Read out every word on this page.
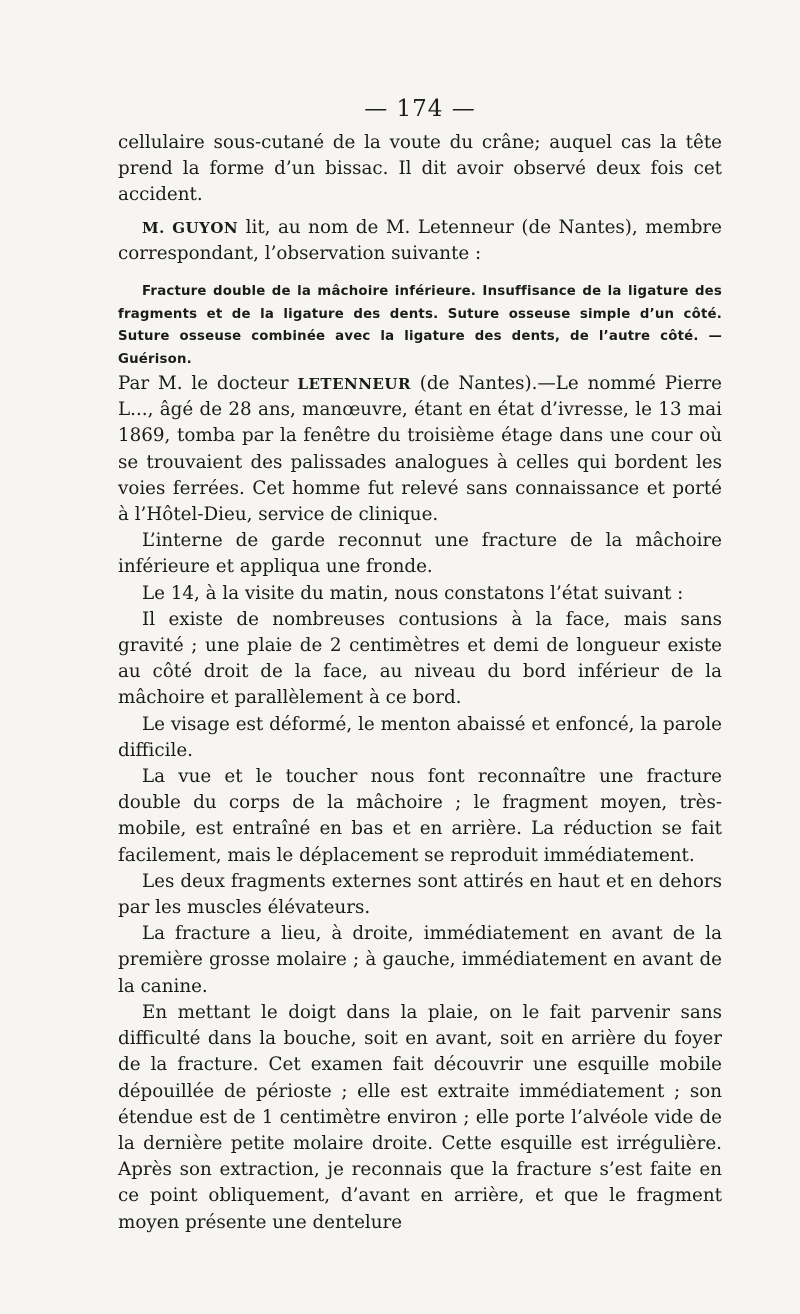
— 174 —

cellulaire sous-cutané de la voute du crâne; auquel cas la tête prend la forme d’un bissac. Il dit avoir observé deux fois cet accident.

M. GUYON lit, au nom de M. Letenneur (de Nantes), membre correspondant, l’observation suivante :

Fracture double de la mâchoire inférieure. Insuffisance de la ligature des fragments et de la ligature des dents. Suture osseuse simple d’un côté. Suture osseuse combinée avec la ligature des dents, de l’autre côté. — Guérison.

Par M. le docteur LETENNEUR (de Nantes).—Le nommé Pierre L..., âgé de 28 ans, manœuvre, étant en état d’ivresse, le 13 mai 1869, tomba par la fenêtre du troisième étage dans une cour où se trouvaient des palissades analogues à celles qui bordent les voies ferrées. Cet homme fut relevé sans connaissance et porté à l’Hôtel-Dieu, service de clinique.

L’interne de garde reconnut une fracture de la mâchoire inférieure et appliqua une fronde.

Le 14, à la visite du matin, nous constatons l’état suivant :

Il existe de nombreuses contusions à la face, mais sans gravité ; une plaie de 2 centimètres et demi de longueur existe au côté droit de la face, au niveau du bord inférieur de la mâchoire et parallèlement à ce bord.

Le visage est déformé, le menton abaissé et enfoncé, la parole difficile.

La vue et le toucher nous font reconnaître une fracture double du corps de la mâchoire ; le fragment moyen, très-mobile, est entraîné en bas et en arrière. La réduction se fait facilement, mais le déplacement se reproduit immédiatement.

Les deux fragments externes sont attirés en haut et en dehors par les muscles élévateurs.

La fracture a lieu, à droite, immédiatement en avant de la première grosse molaire ; à gauche, immédiatement en avant de la canine.

En mettant le doigt dans la plaie, on le fait parvenir sans difficulté dans la bouche, soit en avant, soit en arrière du foyer de la fracture. Cet examen fait découvrir une esquille mobile dépouillée de périoste ; elle est extraite immédiatement ; son étendue est de 1 centimètre environ ; elle porte l’alvéole vide de la dernière petite molaire droite. Cette esquille est irrégulière. Après son extraction, je reconnais que la fracture s’est faite en ce point obliquement, d’avant en arrière, et que le fragment moyen présente une dentelure
